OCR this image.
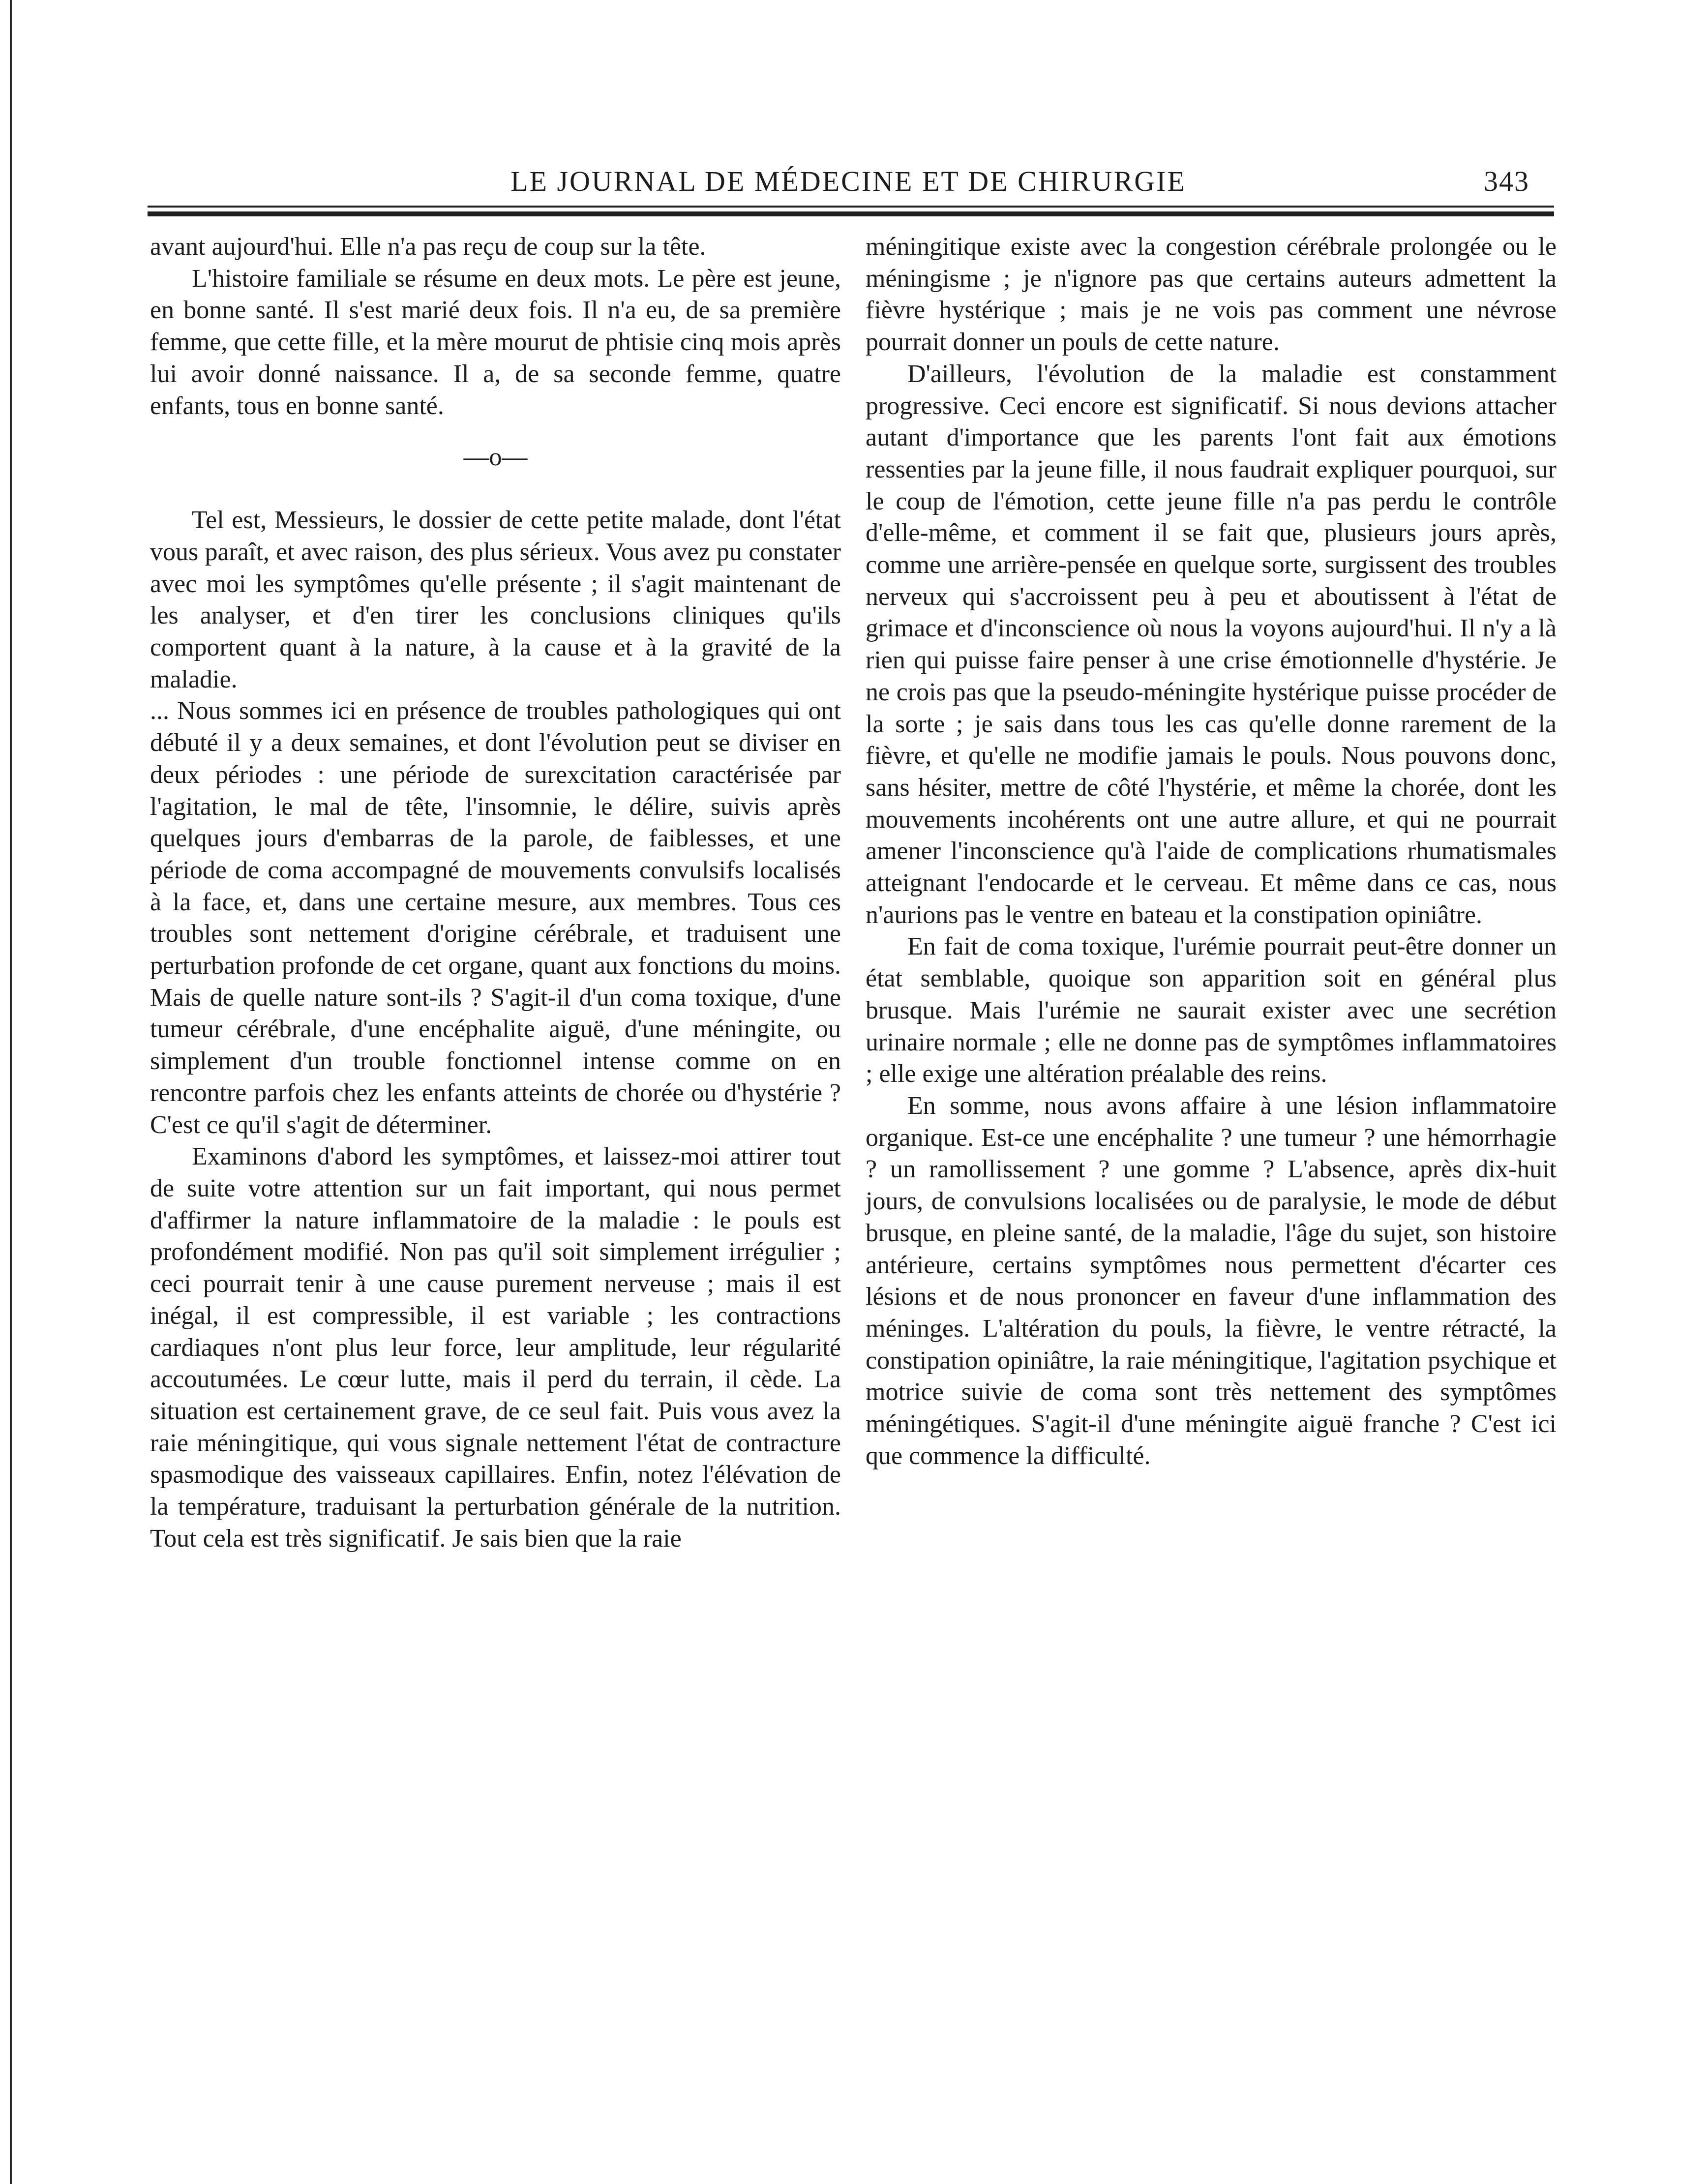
LE JOURNAL DE MÉDECINE ET DE CHIRURGIE	343

avant aujourd'hui. Elle n'a pas reçu de coup sur la tête.

L'histoire familiale se résume en deux mots. Le père est jeune, en bonne santé. Il s'est marié deux fois. Il n'a eu, de sa première femme, que cette fille, et la mère mourut de phtisie cinq mois après lui avoir donné naissance. Il a, de sa seconde femme, quatre enfants, tous en bonne santé.

—o—

Tel est, Messieurs, le dossier de cette petite malade, dont l'état vous paraît, et avec raison, des plus sérieux. Vous avez pu constater avec moi les symptômes qu'elle présente ; il s'agit maintenant de les analyser, et d'en tirer les conclusions cliniques qu'ils comportent quant à la nature, à la cause et à la gravité de la maladie.

... Nous sommes ici en présence de troubles pathologiques qui ont débuté il y a deux semaines, et dont l'évolution peut se diviser en deux périodes : une période de surexcitation caractérisée par l'agitation, le mal de tête, l'insomnie, le délire, suivis après quelques jours d'embarras de la parole, de faiblesses, et une période de coma accompagné de mouvements convulsifs localisés à la face, et, dans une certaine mesure, aux membres. Tous ces troubles sont nettement d'origine cérébrale, et traduisent une perturbation profonde de cet organe, quant aux fonctions du moins. Mais de quelle nature sont-ils ? S'agit-il d'un coma toxique, d'une tumeur cérébrale, d'une encéphalite aiguë, d'une méningite, ou simplement d'un trouble fonctionnel intense comme on en rencontre parfois chez les enfants atteints de chorée ou d'hystérie ? C'est ce qu'il s'agit de déterminer.

Examinons d'abord les symptômes, et laissez-moi attirer tout de suite votre attention sur un fait important, qui nous permet d'affirmer la nature inflammatoire de la maladie : le pouls est profondément modifié. Non pas qu'il soit simplement irrégulier ; ceci pourrait tenir à une cause purement nerveuse ; mais il est inégal, il est compressible, il est variable ; les contractions cardiaques n'ont plus leur force, leur amplitude, leur régularité accoutumées. Le cœur lutte, mais il perd du terrain, il cède. La situation est certainement grave, de ce seul fait. Puis vous avez la raie méningitique, qui vous signale nettement l'état de contracture spasmodique des vaisseaux capillaires. Enfin, notez l'élévation de la température, traduisant la perturbation générale de la nutrition. Tout cela est très significatif. Je sais bien que la raie

méningitique existe avec la congestion cérébrale prolongée ou le méningisme ; je n'ignore pas que certains auteurs admettent la fièvre hystérique ; mais je ne vois pas comment une névrose pourrait donner un pouls de cette nature.

D'ailleurs, l'évolution de la maladie est constamment progressive. Ceci encore est significatif. Si nous devions attacher autant d'importance que les parents l'ont fait aux émotions ressenties par la jeune fille, il nous faudrait expliquer pourquoi, sur le coup de l'émotion, cette jeune fille n'a pas perdu le contrôle d'elle-même, et comment il se fait que, plusieurs jours après, comme une arrière-pensée en quelque sorte, surgissent des troubles nerveux qui s'accroissent peu à peu et aboutissent à l'état de grimace et d'inconscience où nous la voyons aujourd'hui. Il n'y a là rien qui puisse faire penser à une crise émotionnelle d'hystérie. Je ne crois pas que la pseudo-méningite hystérique puisse procéder de la sorte ; je sais dans tous les cas qu'elle donne rarement de la fièvre, et qu'elle ne modifie jamais le pouls. Nous pouvons donc, sans hésiter, mettre de côté l'hystérie, et même la chorée, dont les mouvements incohérents ont une autre allure, et qui ne pourrait amener l'inconscience qu'à l'aide de complications rhumatismales atteignant l'endocarde et le cerveau. Et même dans ce cas, nous n'aurions pas le ventre en bateau et la constipation opiniâtre.

En fait de coma toxique, l'urémie pourrait peut-être donner un état semblable, quoique son apparition soit en général plus brusque. Mais l'urémie ne saurait exister avec une secrétion urinaire normale ; elle ne donne pas de symptômes inflammatoires ; elle exige une altération préalable des reins.

En somme, nous avons affaire à une lésion inflammatoire organique. Est-ce une encéphalite ? une tumeur ? une hémorrhagie ? un ramollissement ? une gomme ? L'absence, après dix-huit jours, de convulsions localisées ou de paralysie, le mode de début brusque, en pleine santé, de la maladie, l'âge du sujet, son histoire antérieure, certains symptômes nous permettent d'écarter ces lésions et de nous prononcer en faveur d'une inflammation des méninges. L'altération du pouls, la fièvre, le ventre rétracté, la constipation opiniâtre, la raie méningitique, l'agitation psychique et motrice suivie de coma sont très nettement des symptômes méningétiques. S'agit-il d'une méningite aiguë franche ? C'est ici que commence la difficulté.
